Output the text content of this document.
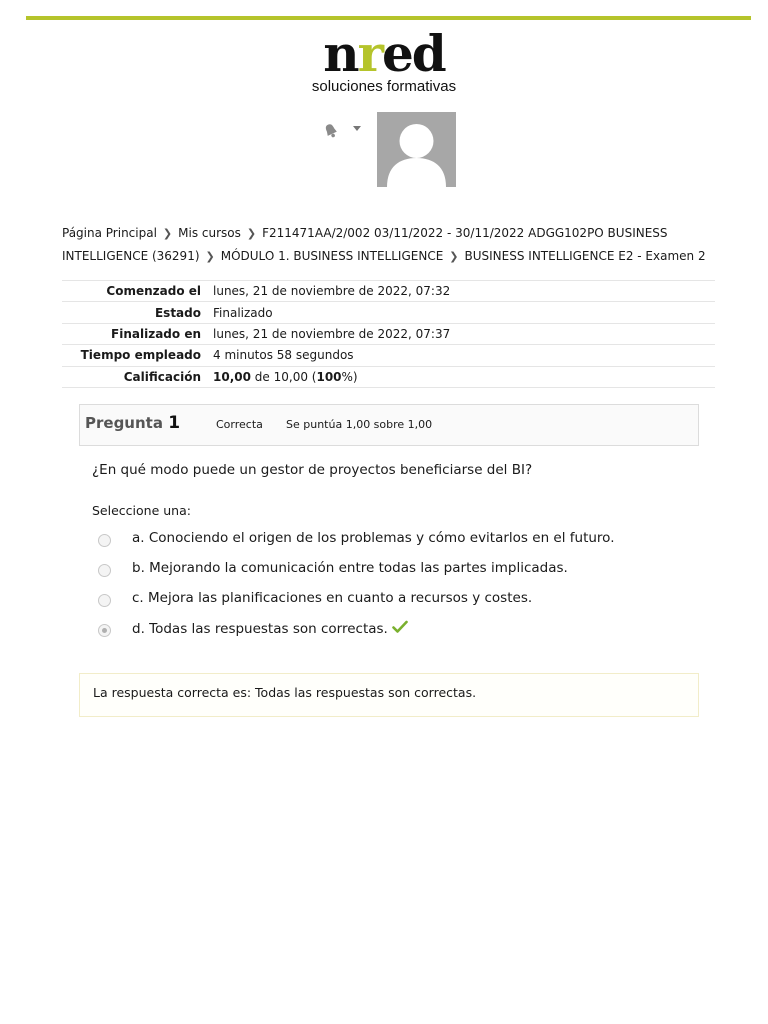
nred
soluciones formativas
Página Principal ❯ Mis cursos ❯ F211471AA/2/002 03/11/2022 - 30/11/2022 ADGG102PO BUSINESS INTELLIGENCE (36291) ❯ MÓDULO 1. BUSINESS INTELLIGENCE ❯ BUSINESS INTELLIGENCE E2 - Examen 2
Comenzado el	lunes, 21 de noviembre de 2022, 07:32
Estado	Finalizado
Finalizado en	lunes, 21 de noviembre de 2022, 07:37
Tiempo empleado	4 minutos 58 segundos
Calificación	10,00 de 10,00 (100%)
Pregunta 1	Correcta Se puntúa 1,00 sobre 1,00
¿En qué modo puede un gestor de proyectos beneficiarse del BI?
Seleccione una:
a. Conociendo el origen de los problemas y cómo evitarlos en el futuro.
b. Mejorando la comunicación entre todas las partes implicadas.
c. Mejora las planificaciones en cuanto a recursos y costes.
d. Todas las respuestas son correctas.
La respuesta correcta es: Todas las respuestas son correctas.
